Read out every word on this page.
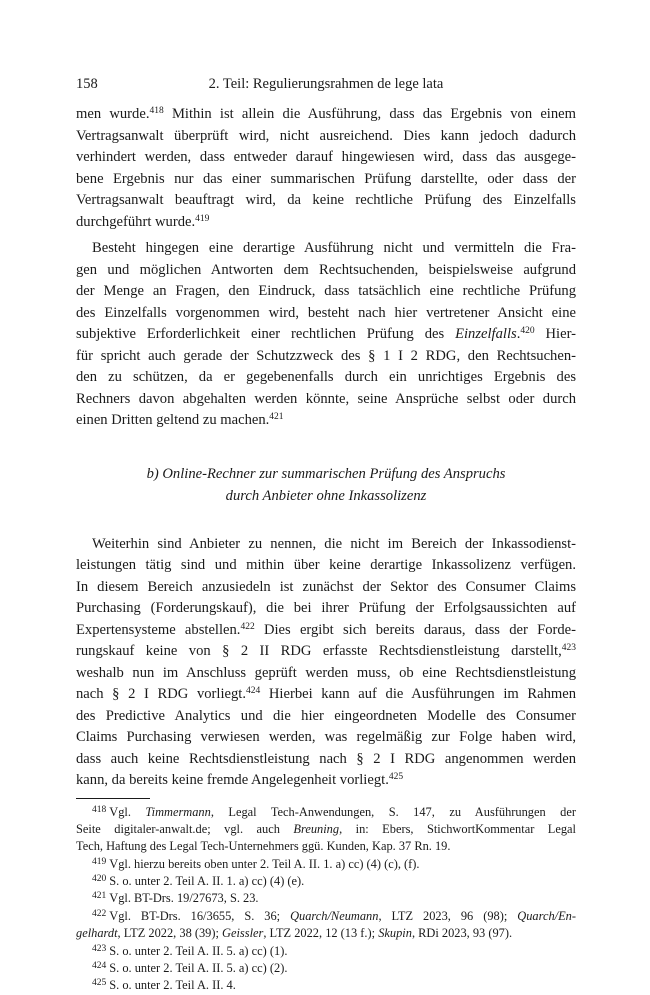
158	2. Teil: Regulierungsrahmen de lege lata
men wurde.$^{418}$ Mithin ist allein die Ausführung, dass das Ergebnis von einem
Vertragsanwalt überprüft wird, nicht ausreichend. Dies kann jedoch dadurch
verhindert werden, dass entweder darauf hingewiesen wird, dass das ausgege-
bene Ergebnis nur das einer summarischen Prüfung darstellte, oder dass der
Vertragsanwalt beauftragt wird, da keine rechtliche Prüfung des Einzelfalls
durchgeführt wurde.$^{419}$
Besteht hingegen eine derartige Ausführung nicht und vermitteln die Fra-
gen und möglichen Antworten dem Rechtsuchenden, beispielsweise aufgrund
der Menge an Fragen, den Eindruck, dass tatsächlich eine rechtliche Prüfung
des Einzelfalls vorgenommen wird, besteht nach hier vertretener Ansicht eine
subjektive Erforderlichkeit einer rechtlichen Prüfung des Einzelfalls.$^{420}$ Hier-
für spricht auch gerade der Schutzzweck des § 1 I 2 RDG, den Rechtsuchen-
den zu schützen, da er gegebenenfalls durch ein unrichtiges Ergebnis des
Rechners davon abgehalten werden könnte, seine Ansprüche selbst oder durch
einen Dritten geltend zu machen.$^{421}$
b) Online-Rechner zur summarischen Prüfung des Anspruchs
durch Anbieter ohne Inkassolizenz
Weiterhin sind Anbieter zu nennen, die nicht im Bereich der Inkassodienst-
leistungen tätig sind und mithin über keine derartige Inkassolizenz verfügen.
In diesem Bereich anzusiedeln ist zunächst der Sektor des Consumer Claims
Purchasing (Forderungskauf), die bei ihrer Prüfung der Erfolgsaussichten auf
Expertensysteme abstellen.$^{422}$ Dies ergibt sich bereits daraus, dass der Forde-
rungskauf keine von § 2 II RDG erfasste Rechtsdienstleistung darstellt,$^{423}$
weshalb nun im Anschluss geprüft werden muss, ob eine Rechtsdienstleistung
nach § 2 I RDG vorliegt.$^{424}$ Hierbei kann auf die Ausführungen im Rahmen
des Predictive Analytics und die hier eingeordneten Modelle des Consumer
Claims Purchasing verwiesen werden, was regelmäßig zur Folge haben wird,
dass auch keine Rechtsdienstleistung nach § 2 I RDG angenommen werden
kann, da bereits keine fremde Angelegenheit vorliegt.$^{425}$
$^{418}$ Vgl. Timmermann, Legal Tech-Anwendungen, S. 147, zu Ausführungen der
Seite digitaler-anwalt.de; vgl. auch Breuning, in: Ebers, StichwortKommentar Legal
Tech, Haftung des Legal Tech-Unternehmers ggü. Kunden, Kap. 37 Rn. 19.
$^{419}$ Vgl. hierzu bereits oben unter 2. Teil A. II. 1. a) cc) (4) (c), (f).
$^{420}$ S. o. unter 2. Teil A. II. 1. a) cc) (4) (e).
$^{421}$ Vgl. BT-Drs. 19/27673, S. 23.
$^{422}$ Vgl. BT-Drs. 16/3655, S. 36; Quarch/Neumann, LTZ 2023, 96 (98); Quarch/En-
gelhardt, LTZ 2022, 38 (39); Geissler, LTZ 2022, 12 (13 f.); Skupin, RDi 2023, 93 (97).
$^{423}$ S. o. unter 2. Teil A. II. 5. a) cc) (1).
$^{424}$ S. o. unter 2. Teil A. II. 5. a) cc) (2).
$^{425}$ S. o. unter 2. Teil A. II. 4.
